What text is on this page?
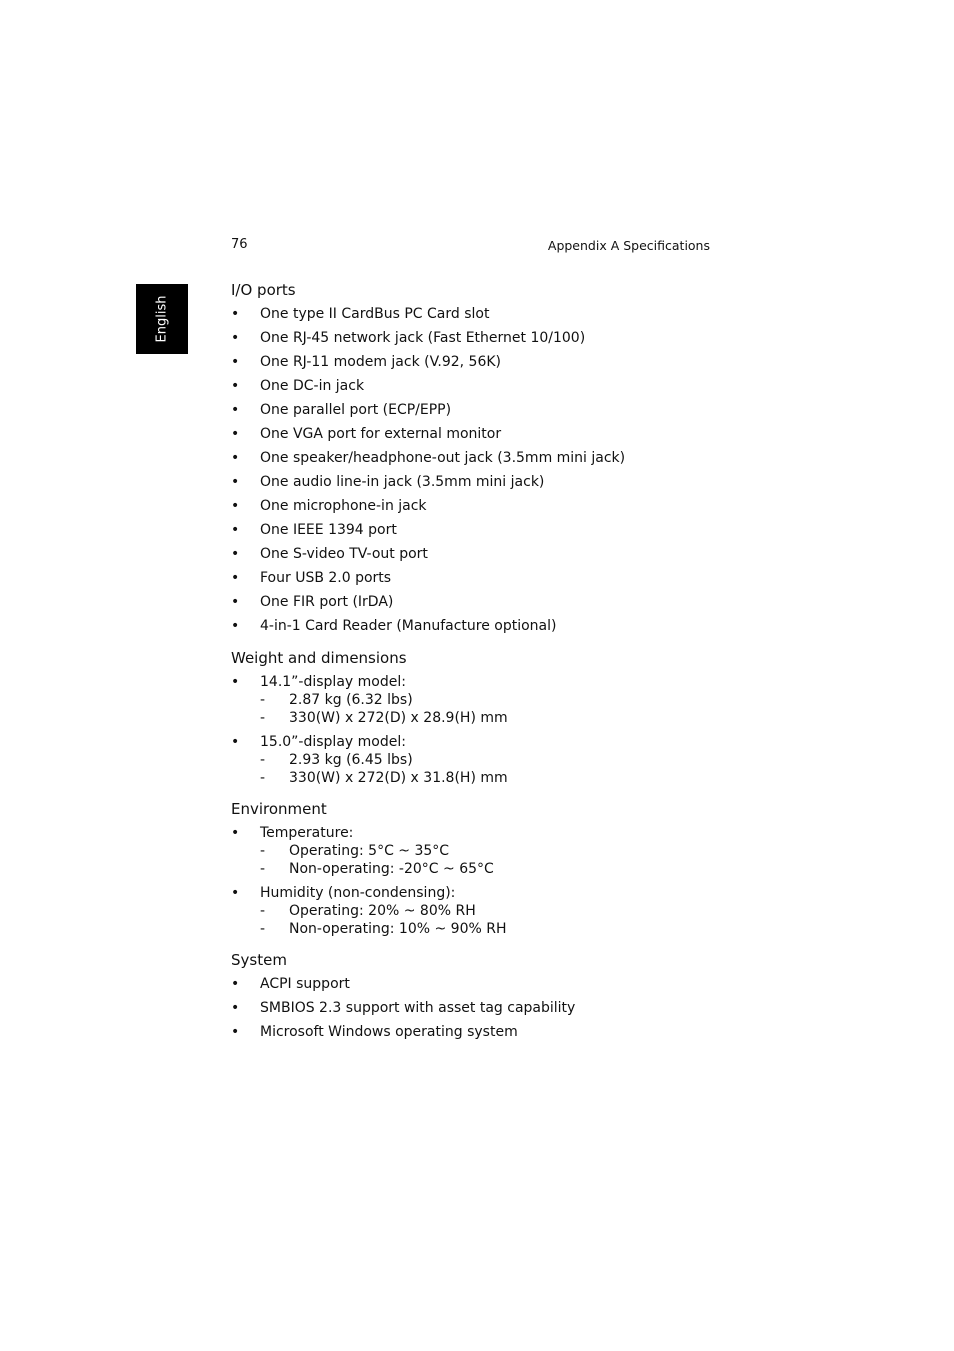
76	Appendix A Specifications
English
I/O ports
• One type II CardBus PC Card slot
• One RJ-45 network jack (Fast Ethernet 10/100)
• One RJ-11 modem jack (V.92, 56K)
• One DC-in jack
• One parallel port (ECP/EPP)
• One VGA port for external monitor
• One speaker/headphone-out jack (3.5mm mini jack)
• One audio line-in jack (3.5mm mini jack)
• One microphone-in jack
• One IEEE 1394 port
• One S-video TV-out port
• Four USB 2.0 ports
• One FIR port (IrDA)
• 4-in-1 Card Reader (Manufacture optional)
Weight and dimensions
• 14.1”-display model:
- 2.87 kg (6.32 lbs)
- 330(W) x 272(D) x 28.9(H) mm
• 15.0”-display model:
- 2.93 kg (6.45 lbs)
- 330(W) x 272(D) x 31.8(H) mm
Environment
• Temperature:
- Operating: 5°C ~ 35°C
- Non-operating: -20°C ~ 65°C
• Humidity (non-condensing):
- Operating: 20% ~ 80% RH
- Non-operating: 10% ~ 90% RH
System
• ACPI support
• SMBIOS 2.3 support with asset tag capability
• Microsoft Windows operating system
